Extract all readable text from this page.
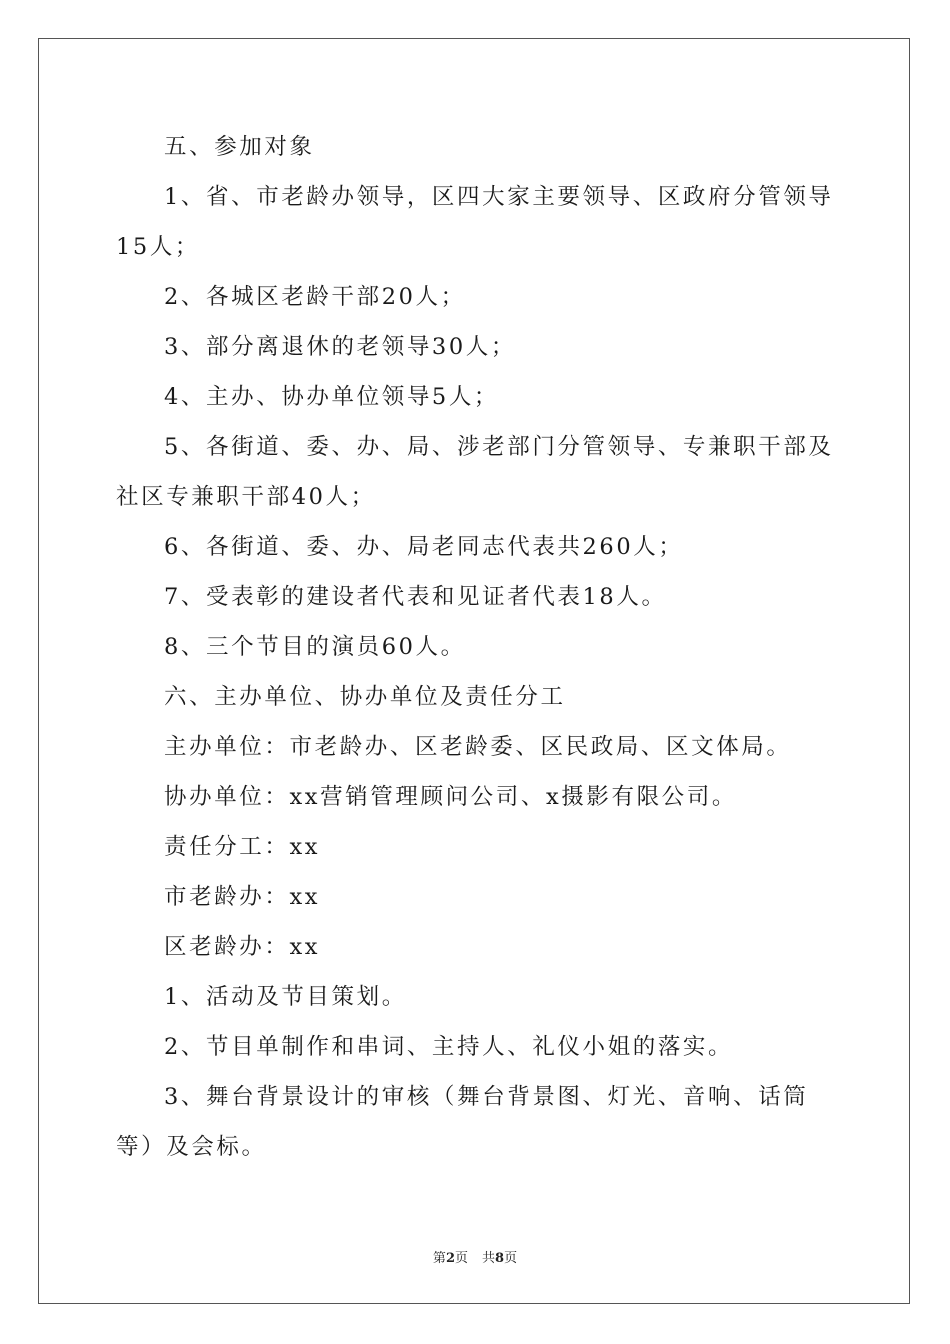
五、参加对象

1、省、市老龄办领导，区四大家主要领导、区政府分管领导15人；

2、各城区老龄干部20人；

3、部分离退休的老领导30人；

4、主办、协办单位领导5人；

5、各街道、委、办、局、涉老部门分管领导、专兼职干部及社区专兼职干部40人；

6、各街道、委、办、局老同志代表共260人；

7、受表彰的建设者代表和见证者代表18人。

8、三个节目的演员60人。

六、主办单位、协办单位及责任分工

主办单位：市老龄办、区老龄委、区民政局、区文体局。

协办单位：xx营销管理顾问公司、x摄影有限公司。

责任分工：xx

市老龄办：xx

区老龄办：xx

1、活动及节目策划。

2、节目单制作和串词、主持人、礼仪小姐的落实。

3、舞台背景设计的审核（舞台背景图、灯光、音响、话筒等）及会标。

第2页 共8页
